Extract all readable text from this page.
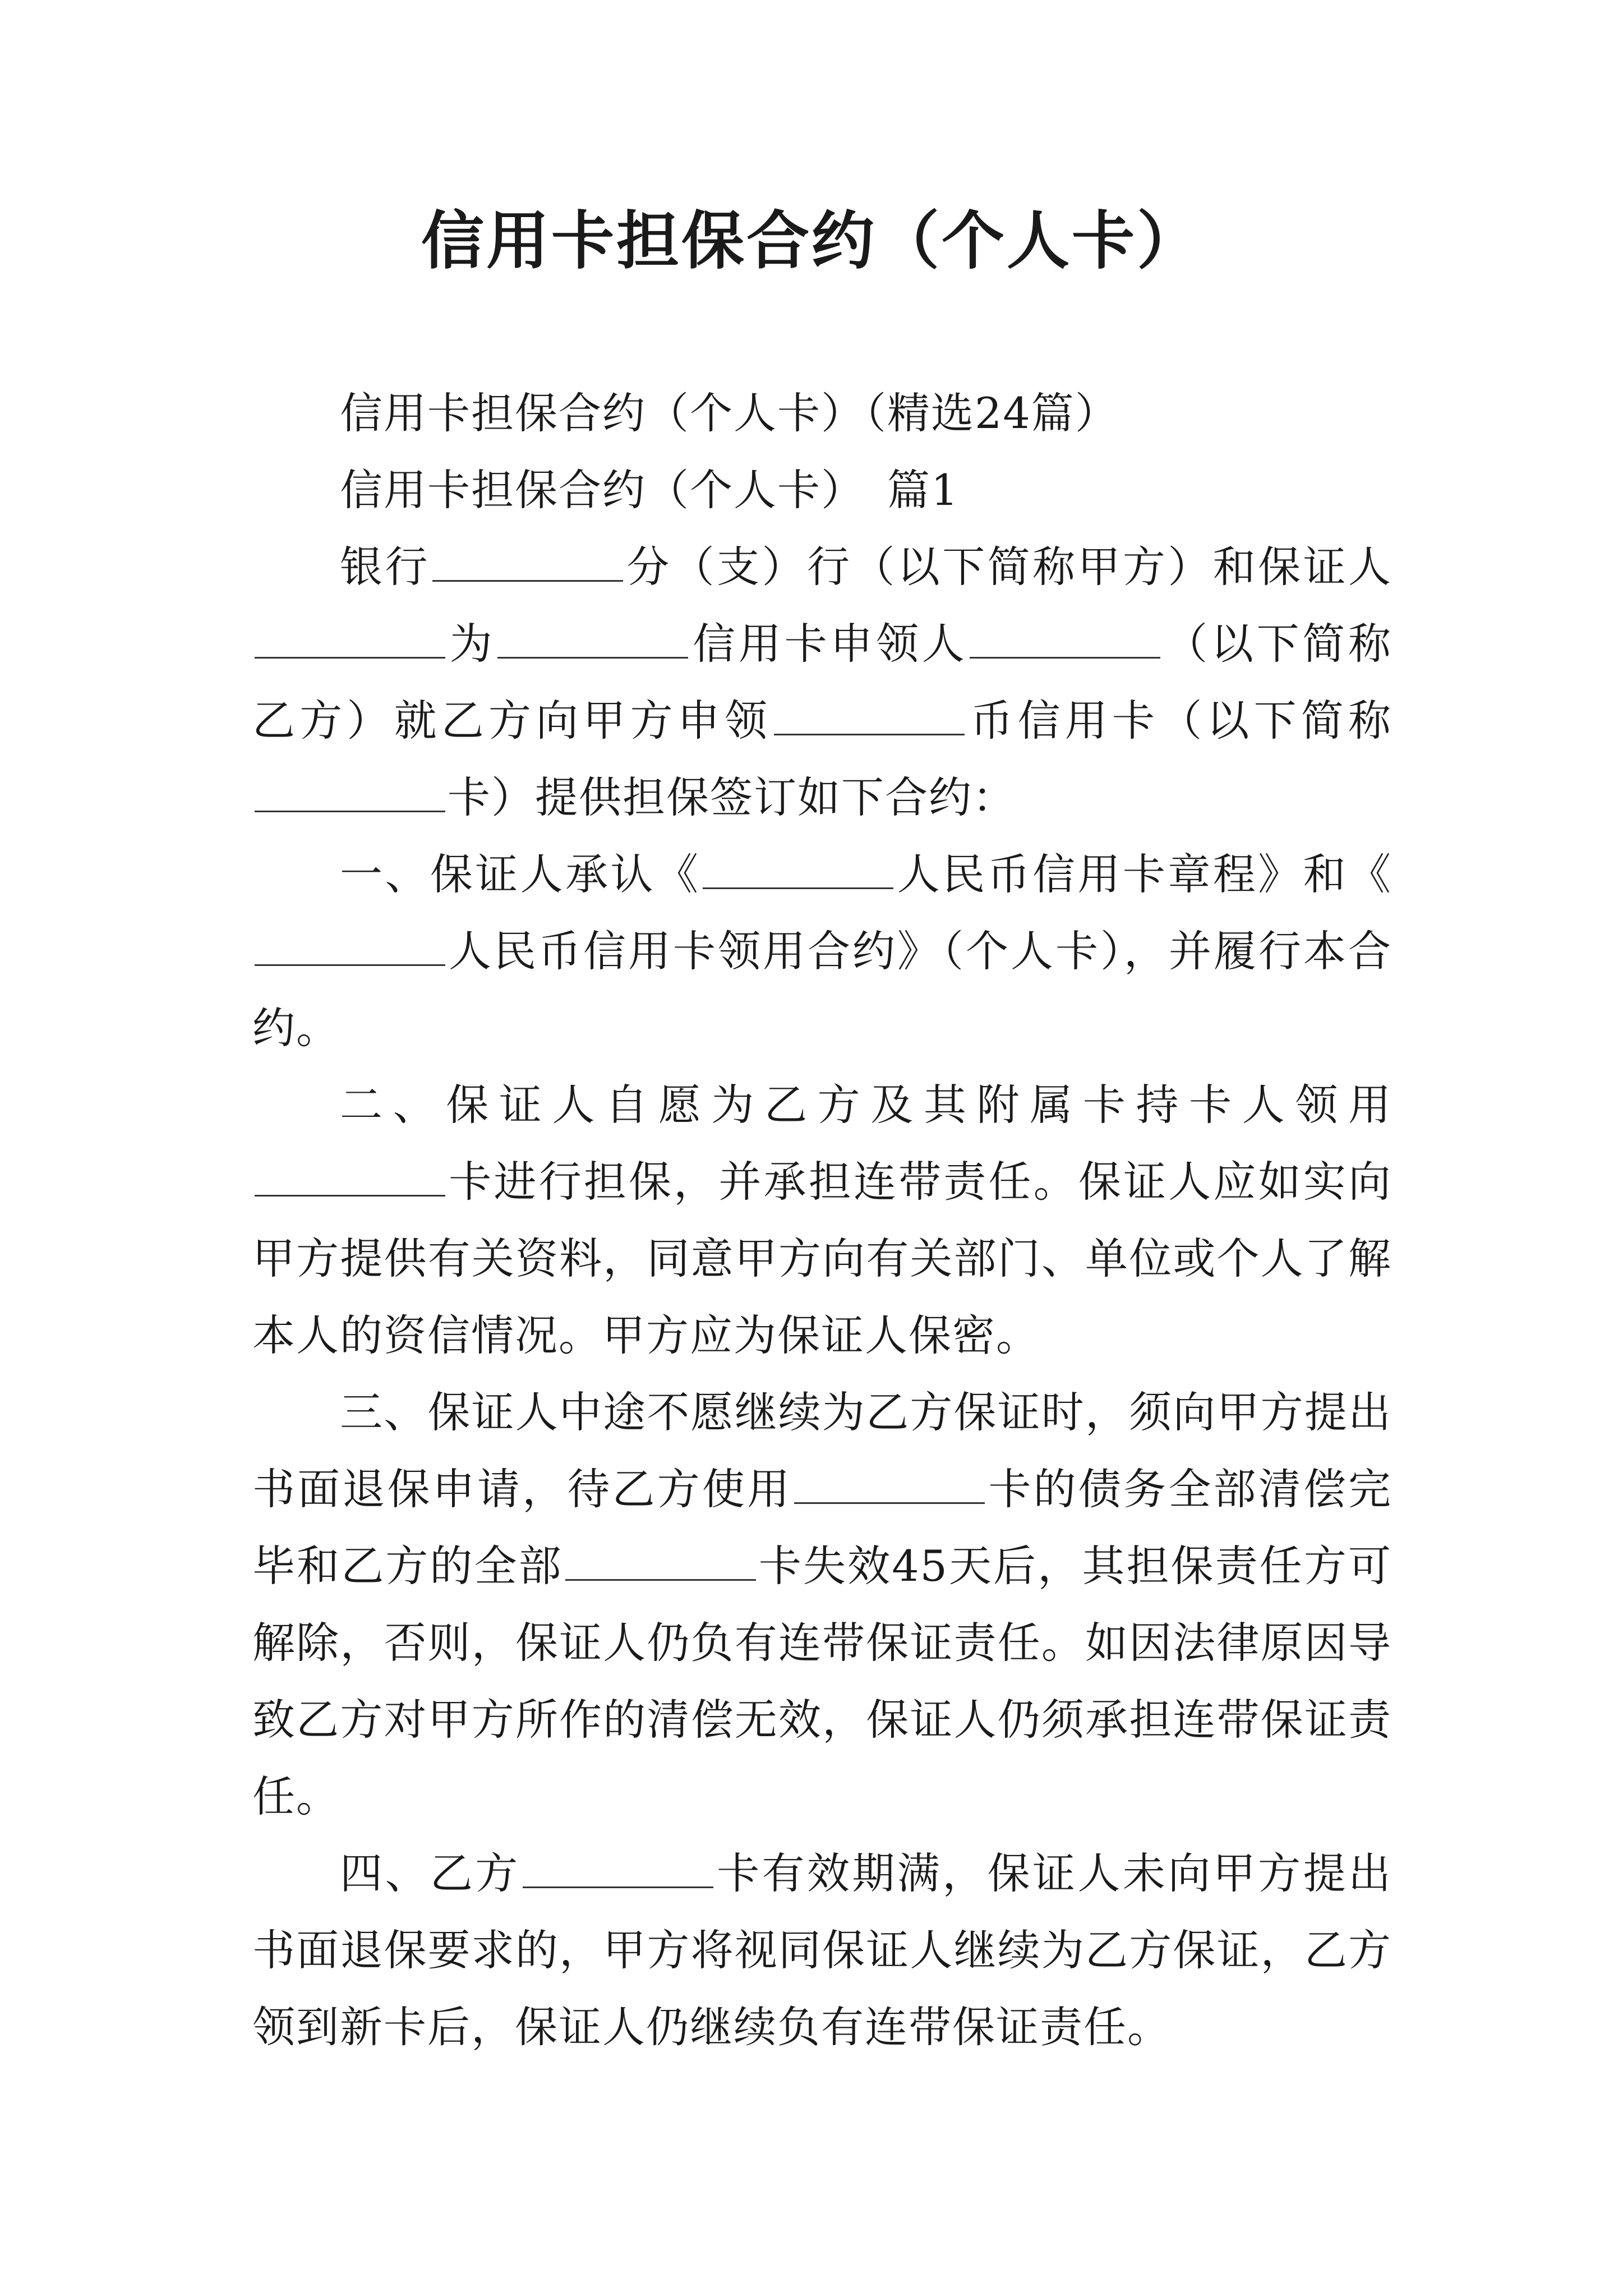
信用卡担保合约（个人卡）

信用卡担保合约（个人卡）（精选24篇）

信用卡担保合约（个人卡）　篇1

银行	分（支）行（以下简称甲方）和保证人为	信用卡申领人	（以下简称乙方）就乙方向甲方申领	币信用卡（以下简称卡）提供担保签订如下合约：

一、保证人承认《	人民币信用卡章程》和《人民币信用卡领用合约》（个人卡），并履行本合约。

二、保证人自愿为乙方及其附属卡持卡人领用卡进行担保，并承担连带责任。保证人应如实向甲方提供有关资料，同意甲方向有关部门、单位或个人了解本人的资信情况。甲方应为保证人保密。

三、保证人中途不愿继续为乙方保证时，须向甲方提出书面退保申请，待乙方使用	卡的债务全部清偿完毕和乙方的全部	卡失效45天后，其担保责任方可解除，否则，保证人仍负有连带保证责任。如因法律原因导致乙方对甲方所作的清偿无效，保证人仍须承担连带保证责任。

四、乙方	卡有效期满，保证人未向甲方提出书面退保要求的，甲方将视同保证人继续为乙方保证，乙方领到新卡后，保证人仍继续负有连带保证责任。
